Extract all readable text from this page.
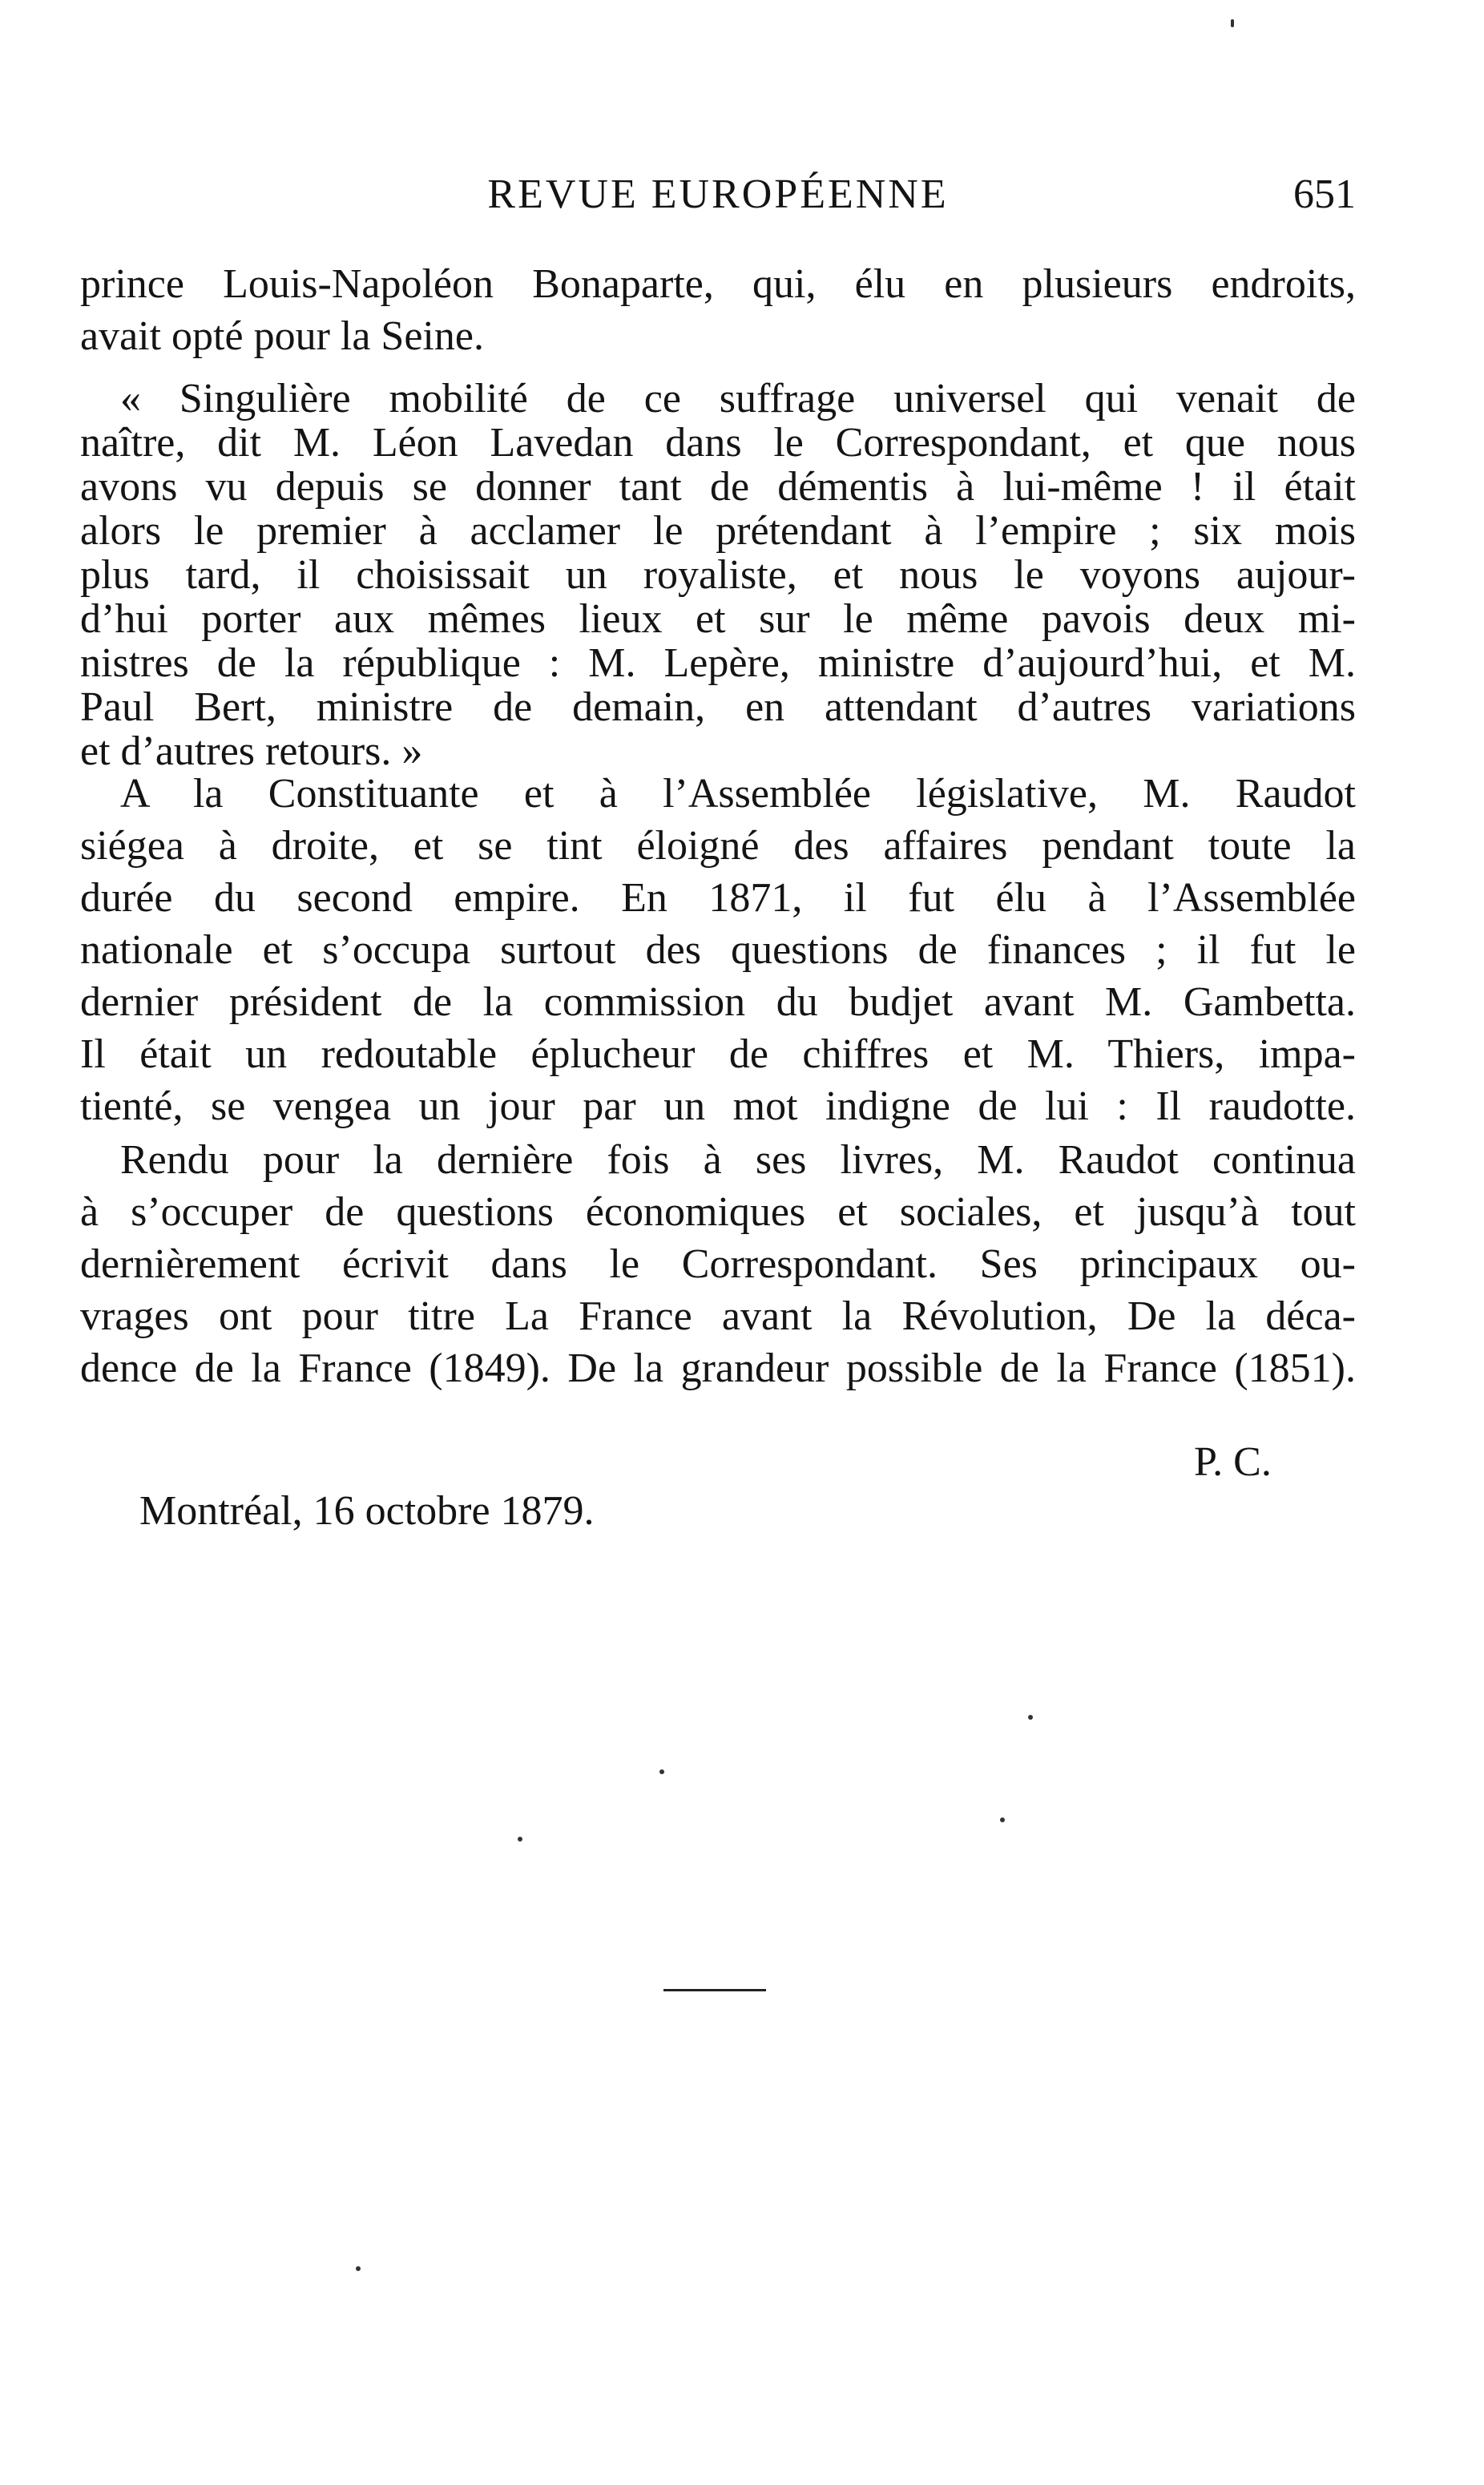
REVUE EUROPÉENNE	651

prince Louis-Napoléon Bonaparte, qui, élu en plusieurs endroits,

avait opté pour la Seine.

« Singulière mobilité de ce suffrage universel qui venait de

naître, dit M. Léon Lavedan dans le Correspondant, et que nous

avons vu depuis se donner tant de démentis à lui-même ! il était

alors le premier à acclamer le prétendant à l’empire ; six mois

plus tard, il choisissait un royaliste, et nous le voyons aujour-

d’hui porter aux mêmes lieux et sur le même pavois deux mi-

nistres de la république : M. Lepère, ministre d’aujourd’hui, et M.

Paul Bert, ministre de demain, en attendant d’autres variations

et d’autres retours. »

A la Constituante et à l’Assemblée législative, M. Raudot

siégea à droite, et se tint éloigné des affaires pendant toute la

durée du second empire. En 1871, il fut élu à l’Assemblée

nationale et s’occupa surtout des questions de finances ; il fut le

dernier président de la commission du budjet avant M. Gambetta.

Il était un redoutable éplucheur de chiffres et M. Thiers, impa-

tienté, se vengea un jour par un mot indigne de lui : Il raudotte.

Rendu pour la dernière fois à ses livres, M. Raudot continua

à s’occuper de questions économiques et sociales, et jusqu’à tout

dernièrement écrivit dans le Correspondant. Ses principaux ou-

vrages ont pour titre La France avant la Révolution, De la déca-

dence de la France (1849). De la grandeur possible de la France (1851).

P. C.
Montréal, 16 octobre 1879.
